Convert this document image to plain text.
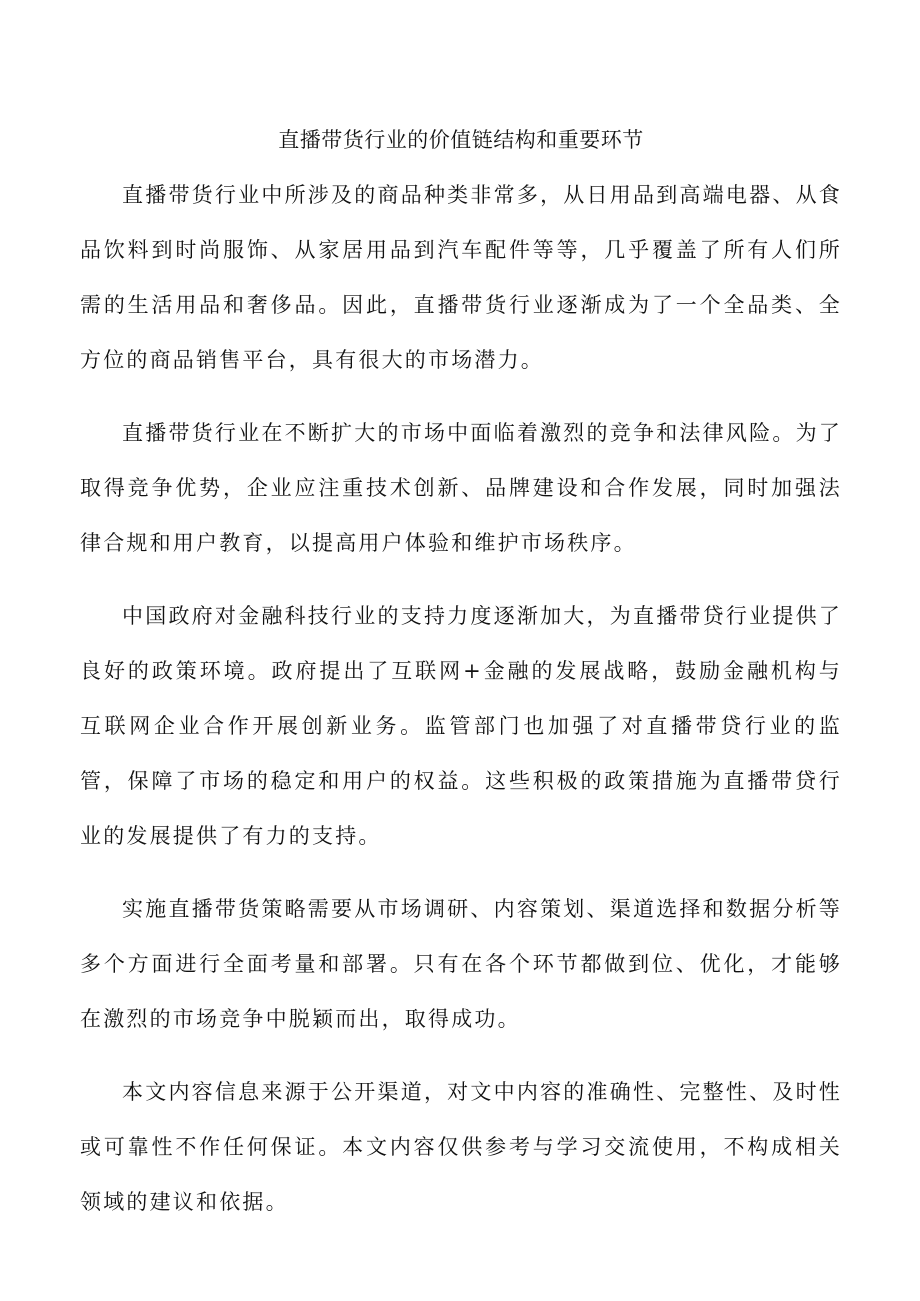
直播带货行业的价值链结构和重要环节

直播带货行业中所涉及的商品种类非常多，从日用品到高端电器、从食品饮料到时尚服饰、从家居用品到汽车配件等等，几乎覆盖了所有人们所需的生活用品和奢侈品。因此，直播带货行业逐渐成为了一个全品类、全方位的商品销售平台，具有很大的市场潜力。

直播带货行业在不断扩大的市场中面临着激烈的竞争和法律风险。为了取得竞争优势，企业应注重技术创新、品牌建设和合作发展，同时加强法律合规和用户教育，以提高用户体验和维护市场秩序。

中国政府对金融科技行业的支持力度逐渐加大，为直播带贷行业提供了良好的政策环境。政府提出了互联网+金融的发展战略，鼓励金融机构与互联网企业合作开展创新业务。监管部门也加强了对直播带贷行业的监管，保障了市场的稳定和用户的权益。这些积极的政策措施为直播带贷行业的发展提供了有力的支持。

实施直播带货策略需要从市场调研、内容策划、渠道选择和数据分析等多个方面进行全面考量和部署。只有在各个环节都做到位、优化，才能够在激烈的市场竞争中脱颖而出，取得成功。

本文内容信息来源于公开渠道，对文中内容的准确性、完整性、及时性或可靠性不作任何保证。本文内容仅供参考与学习交流使用，不构成相关领域的建议和依据。
